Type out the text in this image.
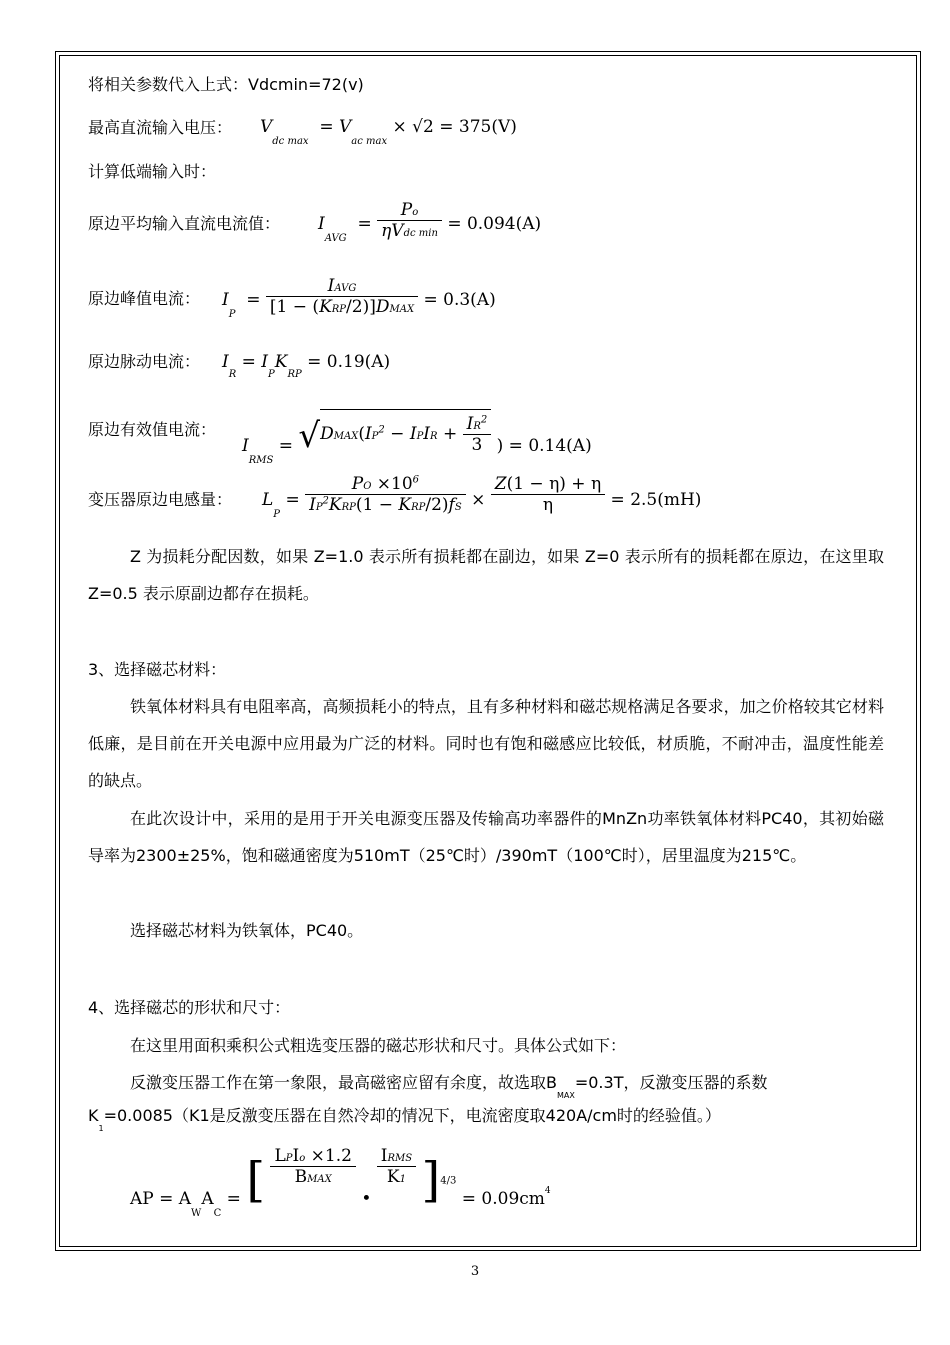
将相关参数代入上式：Vdcmin=72(v)
最高直流输入电压： $V_{dc max} = V_{ac max} \times √2 = 375(V)$
计算低端输入时：
原边平均输入直流电流值： $I_{AVG} = \frac{Po}{\text{ηVdc min}} = 0.094(A)$
原边峰值电流： $I_P = \frac{\text{IAVG}}{\text{[1 − (KRP/2)]DMAX}} = 0.3(A)$
原边脉动电流： $I_R = I_PK_{RP} = 0.19(A)$
原边有效值电流：
$I_{RMS}$ = $√DMAX(IP^2$ − IPIR + $\frac{IR^2}{3}$ ) = 0.14(A)
变压器原边电感量： $L_P = \frac{PO \times 10^6}{IP^2KRP(1 - KRP/2)fS} \times \frac{Z(1 - \eta) + \eta}{\eta} = 2.5(mH)$
Z 为损耗分配因数，如果 Z=1.0 表示所有损耗都在副边，如果 Z=0 表示所有的损耗都在原边，在这里取 Z=0.5 表示原副边都存在损耗。
3、选择磁芯材料：
铁氧体材料具有电阻率高，高频损耗小的特点，且有多种材料和磁芯规格满足各要求，加之价格较其它材料低廉，是目前在开关电源中应用最为广泛的材料。同时也有饱和磁感应比较低，材质脆，不耐冲击，温度性能差的缺点。
在此次设计中，采用的是用于开关电源变压器及传输高功率器件的MnZn功率铁氧体材料PC40，其初始磁导率为2300±25%，饱和磁通密度为510mT（25℃时）/390mT（100℃时），居里温度为215℃。
选择磁芯材料为铁氧体，PC40。
4、选择磁芯的形状和尺寸：
在这里用面积乘积公式粗选变压器的磁芯形状和尺寸。具体公式如下：
反激变压器工作在第一象限，最高磁密应留有余度，故选取$B_{MAX}=0.3T$，反激变压器的系数
$K_1=0.0085(K1$是反激变压器在自然冷却的情况下，电流密度取420A/cm时的经验值。）
AP = $A_WA_C$ = [ $\frac{\text{LPIo ×1.2}}{\text{BMAX}}$
•
$\frac{\text{IRMS}}{K1} ]^{4/3} = 0.09cm^4$
3
